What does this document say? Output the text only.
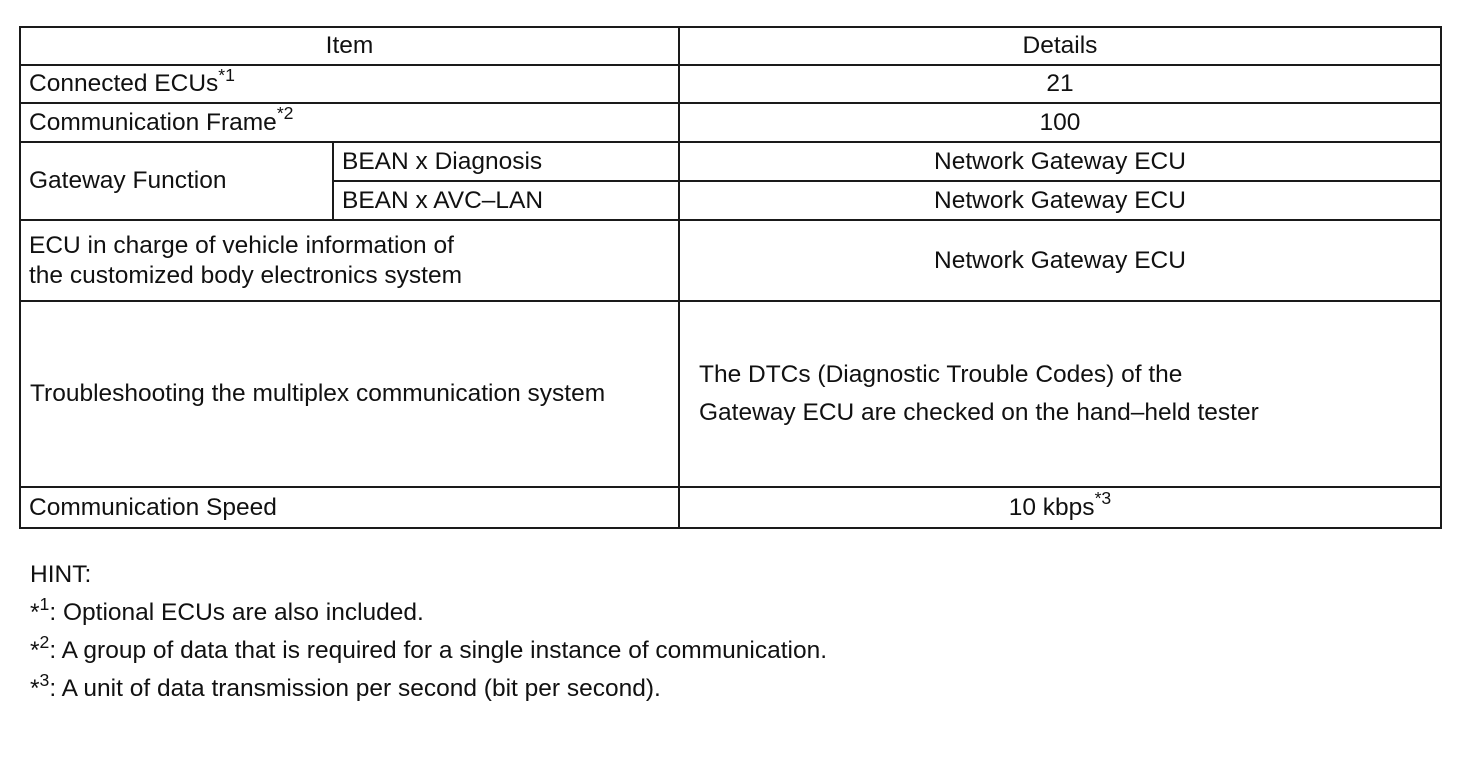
Item		Details
Connected ECUs$^{*1}$		21
Communication Frame$^{*2}$		100
Gateway Function	BEAN x Diagnosis	Network Gateway ECU
	BEAN x AVC–LAN	Network Gateway ECU

ECU in charge of vehicle information of
the customized body electronics system		Network Gateway ECU
Troubleshooting the multiplex communication system		The DTCs (Diagnostic Trouble Codes) of the
Gateway ECU are checked on the hand–held tester

Communication Speed		10 kbps$^{*3}$
HINT:
*$^1$: Optional ECUs are also included.
*$^2$: A group of data that is required for a single instance of communication.
*$^3$: A unit of data transmission per second (bit per second).
